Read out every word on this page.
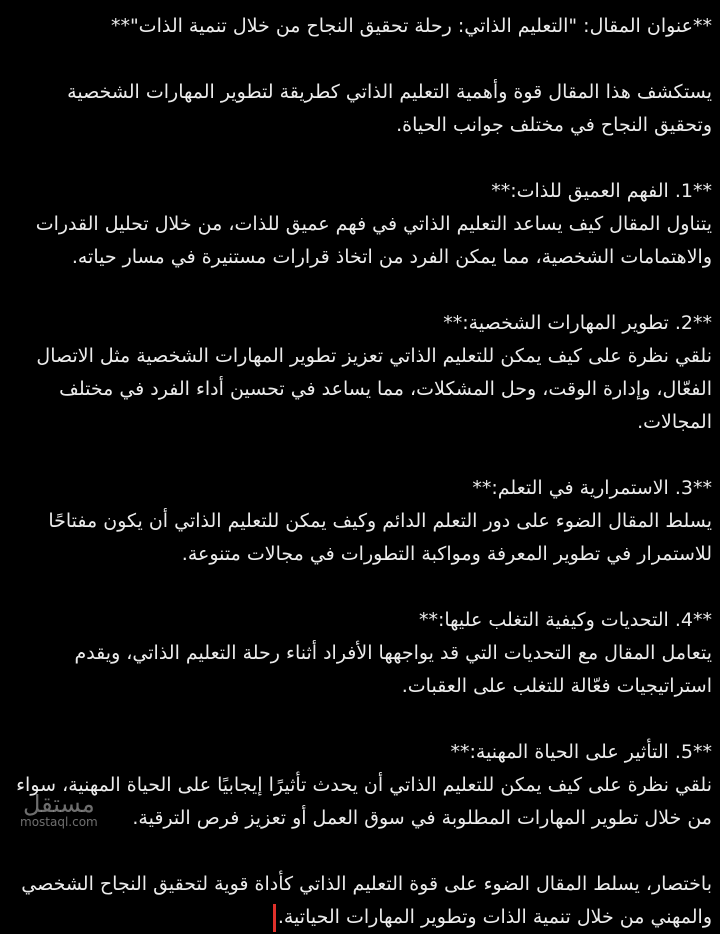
**عنوان المقال: "التعليم الذاتي: رحلة تحقيق النجاح من خلال تنمية الذات"**

يستكشف هذا المقال قوة وأهمية التعليم الذاتي كطريقة لتطوير المهارات الشخصية وتحقيق النجاح في مختلف جوانب الحياة.

**1. الفهم العميق للذات:**
يتناول المقال كيف يساعد التعليم الذاتي في فهم عميق للذات، من خلال تحليل القدرات والاهتمامات الشخصية، مما يمكن الفرد من اتخاذ قرارات مستنيرة في مسار حياته.

**2. تطوير المهارات الشخصية:**
نلقي نظرة على كيف يمكن للتعليم الذاتي تعزيز تطوير المهارات الشخصية مثل الاتصال الفعّال، وإدارة الوقت، وحل المشكلات، مما يساعد في تحسين أداء الفرد في مختلف المجالات.

**3. الاستمرارية في التعلم:**
يسلط المقال الضوء على دور التعلم الدائم وكيف يمكن للتعليم الذاتي أن يكون مفتاحًا للاستمرار في تطوير المعرفة ومواكبة التطورات في مجالات متنوعة.

**4. التحديات وكيفية التغلب عليها:**
يتعامل المقال مع التحديات التي قد يواجهها الأفراد أثناء رحلة التعليم الذاتي، ويقدم استراتيجيات فعّالة للتغلب على العقبات.

**5. التأثير على الحياة المهنية:**
نلقي نظرة على كيف يمكن للتعليم الذاتي أن يحدث تأثيرًا إيجابيًا على الحياة المهنية، سواء من خلال تطوير المهارات المطلوبة في سوق العمل أو تعزيز فرص الترقية.

باختصار، يسلط المقال الضوء على قوة التعليم الذاتي كأداة قوية لتحقيق النجاح الشخصي والمهني من خلال تنمية الذات وتطوير المهارات الحياتية.

مستقل
mostaql.com
